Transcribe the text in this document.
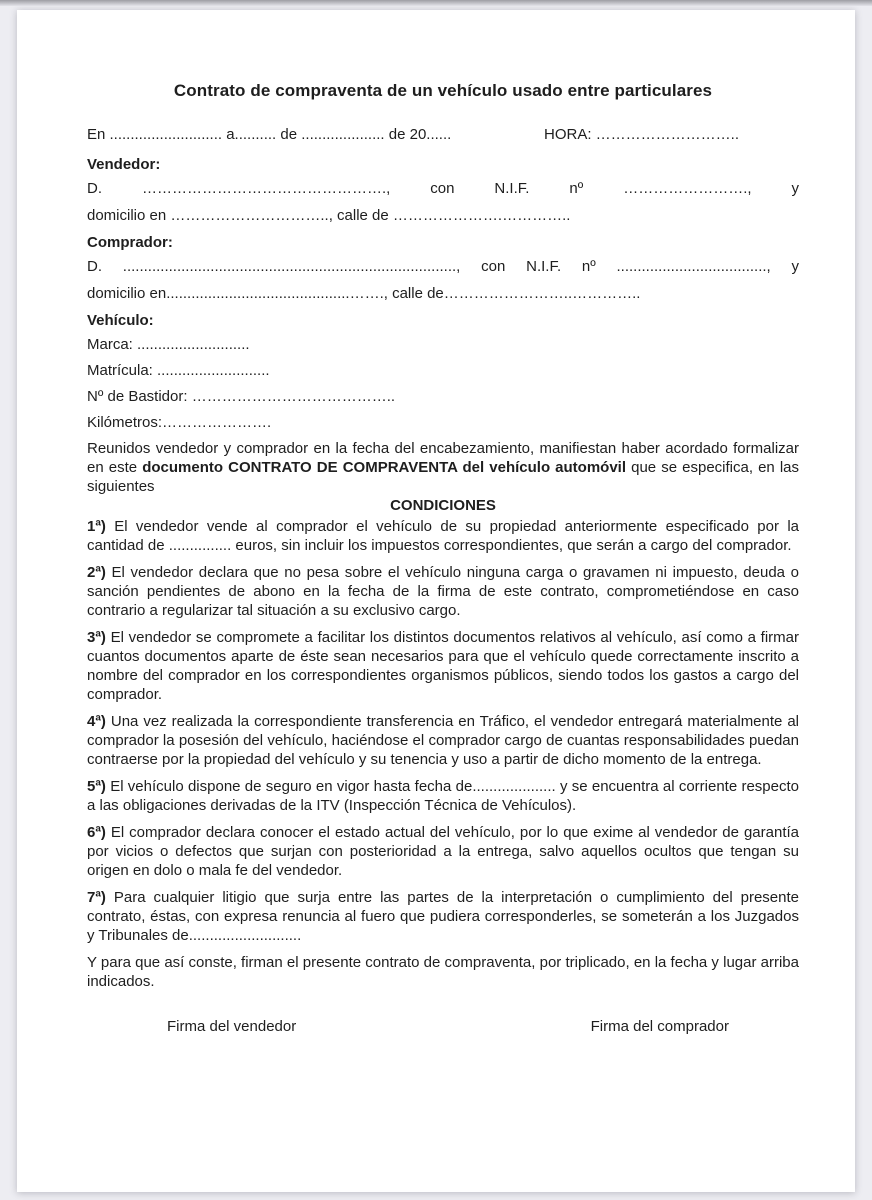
Contrato de compraventa de un vehículo usado entre particulares
En ........................... a.......... de .................... de 20......	HORA: ………………………..
Vendedor:
D. …………………………………………., con N.I.F. nº ……………………., y
domicilio en ………………………….., calle de ………………….…………..
Comprador:
D. ................................................................................, con N.I.F. nº ...................................., y
domicilio en............................................……., calle de……………………..…………..
Vehículo:
Marca: ...........................
Matrícula: ...........................
Nº de Bastidor: …………………………………..
Kilómetros:………………….

Reunidos vendedor y comprador en la fecha del encabezamiento, manifiestan haber acordado formalizar en este documento CONTRATO DE COMPRAVENTA del vehículo automóvil que se especifica, en las siguientes

CONDICIONES

1ª) El vendedor vende al comprador el vehículo de su propiedad anteriormente especificado por la cantidad de ............... euros, sin incluir los impuestos correspondientes, que serán a cargo del comprador.

2ª) El vendedor declara que no pesa sobre el vehículo ninguna carga o gravamen ni impuesto, deuda o sanción pendientes de abono en la fecha de la firma de este contrato, comprometiéndose en caso contrario a regularizar tal situación a su exclusivo cargo.

3ª) El vendedor se compromete a facilitar los distintos documentos relativos al vehículo, así como a firmar cuantos documentos aparte de éste sean necesarios para que el vehículo quede correctamente inscrito a nombre del comprador en los correspondientes organismos públicos, siendo todos los gastos a cargo del comprador.

4ª) Una vez realizada la correspondiente transferencia en Tráfico, el vendedor entregará materialmente al comprador la posesión del vehículo, haciéndose el comprador cargo de cuantas responsabilidades puedan contraerse por la propiedad del vehículo y su tenencia y uso a partir de dicho momento de la entrega.

5ª) El vehículo dispone de seguro en vigor hasta fecha de.................... y se encuentra al corriente respecto a las obligaciones derivadas de la ITV (Inspección Técnica de Vehículos).

6ª) El comprador declara conocer el estado actual del vehículo, por lo que exime al vendedor de garantía por vicios o defectos que surjan con posterioridad a la entrega, salvo aquellos ocultos que tengan su origen en dolo o mala fe del vendedor.

7ª) Para cualquier litigio que surja entre las partes de la interpretación o cumplimiento del presente contrato, éstas, con expresa renuncia al fuero que pudiera corresponderles, se someterán a los Juzgados y Tribunales de...........................

Y para que así conste, firman el presente contrato de compraventa, por triplicado, en la fecha y lugar arriba indicados.

Firma del vendedor	Firma del comprador
